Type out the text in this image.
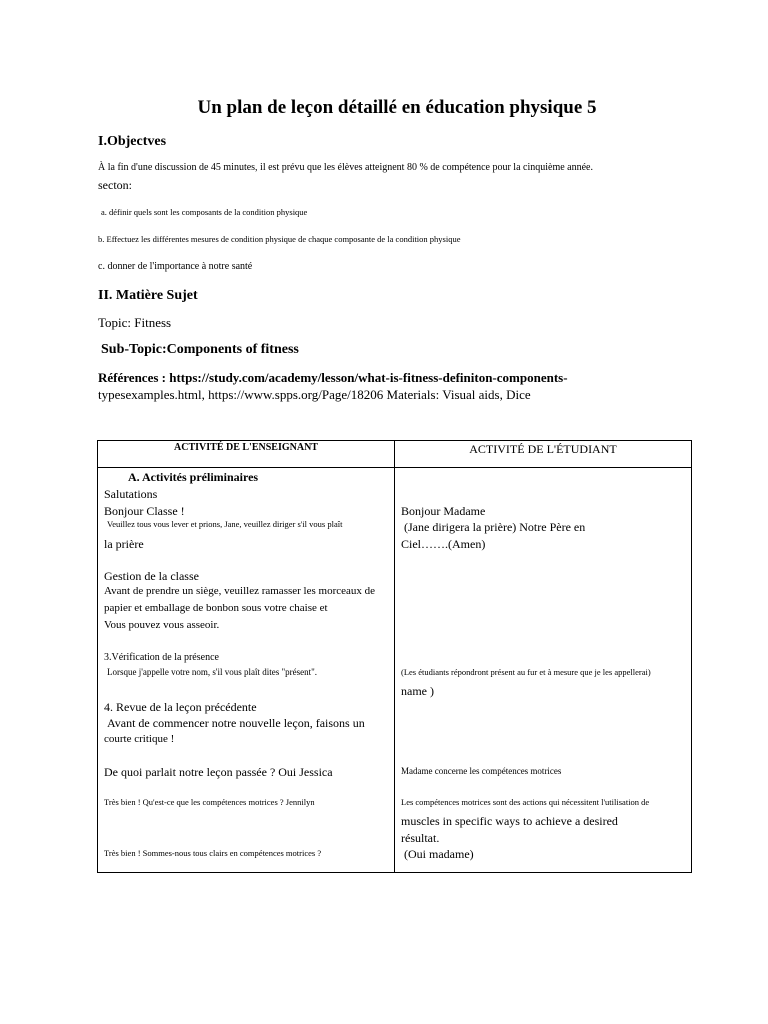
Un plan de leçon détaillé en éducation physique 5
I.Objectves
À la fin d'une discussion de 45 minutes, il est prévu que les élèves atteignent 80 % de compétence pour la cinquième année.
secton:
a. définir quels sont les composants de la condition physique
b. Effectuez les différentes mesures de condition physique de chaque composante de la condition physique
c. donner de l'importance à notre santé
II. Matière Sujet
Topic: Fitness
Sub-Topic:Components of fitness
Références : https://study.com/academy/lesson/what-is-fitness-definiton-components-
typesexamples.html, https://www.spps.org/Page/18206 Materials: Visual aids, Dice
ACTIVITÉ DE L'ENSEIGNANT	ACTIVITÉ DE L'ÉTUDIANT
A. Activités préliminaires
Salutations
Bonjour Classe !
Veuillez tous vous lever et prions, Jane, veuillez diriger s'il vous plaît
la prière
Gestion de la classe
Avant de prendre un siège, veuillez ramasser les morceaux de
papier et emballage de bonbon sous votre chaise et
Vous pouvez vous asseoir.
3.Vérification de la présence
Lorsque j'appelle votre nom, s'il vous plaît dites "présent".
4. Revue de la leçon précédente
Avant de commencer notre nouvelle leçon, faisons un
courte critique !
De quoi parlait notre leçon passée ? Oui Jessica
Très bien ! Qu'est-ce que les compétences motrices ? Jennilyn
Très bien ! Sommes-nous tous clairs en compétences motrices ?
Bonjour Madame
(Jane dirigera la prière) Notre Père en
Ciel…….(Amen)
(Les étudiants répondront présent au fur et à mesure que je les appellerai)
name )
Madame concerne les compétences motrices
Les compétences motrices sont des actions qui nécessitent l'utilisation de
muscles in specific ways to achieve a desired
résultat.
(Oui madame)
